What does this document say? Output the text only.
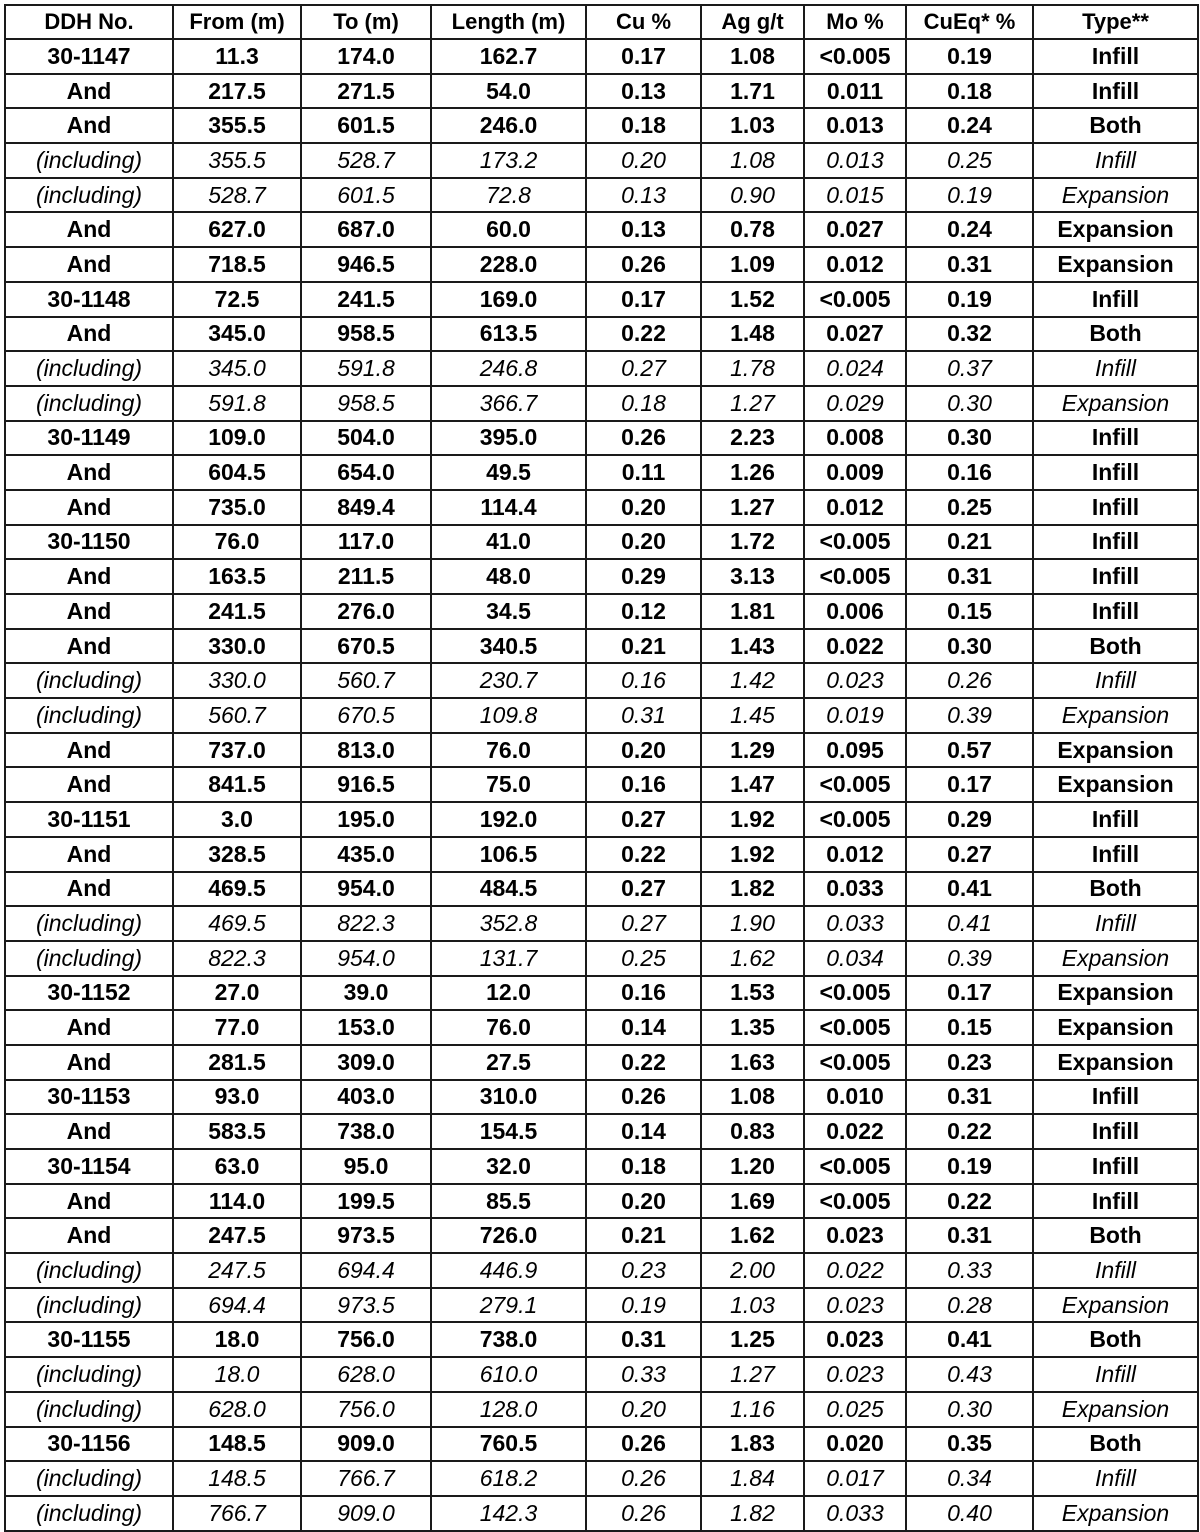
DDH No.	From (m)	To (m)	Length (m)	Cu %	Ag g/t	Mo %	CuEq* %	Type**
30-1147	11.3	174.0	162.7	0.17	1.08	<0.005	0.19	Infill
And	217.5	271.5	54.0	0.13	1.71	0.011	0.18	Infill
And	355.5	601.5	246.0	0.18	1.03	0.013	0.24	Both
(including)	355.5	528.7	173.2	0.20	1.08	0.013	0.25	Infill
(including)	528.7	601.5	72.8	0.13	0.90	0.015	0.19	Expansion
And	627.0	687.0	60.0	0.13	0.78	0.027	0.24	Expansion
And	718.5	946.5	228.0	0.26	1.09	0.012	0.31	Expansion
30-1148	72.5	241.5	169.0	0.17	1.52	<0.005	0.19	Infill
And	345.0	958.5	613.5	0.22	1.48	0.027	0.32	Both
(including)	345.0	591.8	246.8	0.27	1.78	0.024	0.37	Infill
(including)	591.8	958.5	366.7	0.18	1.27	0.029	0.30	Expansion
30-1149	109.0	504.0	395.0	0.26	2.23	0.008	0.30	Infill
And	604.5	654.0	49.5	0.11	1.26	0.009	0.16	Infill
And	735.0	849.4	114.4	0.20	1.27	0.012	0.25	Infill
30-1150	76.0	117.0	41.0	0.20	1.72	<0.005	0.21	Infill
And	163.5	211.5	48.0	0.29	3.13	<0.005	0.31	Infill
And	241.5	276.0	34.5	0.12	1.81	0.006	0.15	Infill
And	330.0	670.5	340.5	0.21	1.43	0.022	0.30	Both
(including)	330.0	560.7	230.7	0.16	1.42	0.023	0.26	Infill
(including)	560.7	670.5	109.8	0.31	1.45	0.019	0.39	Expansion
And	737.0	813.0	76.0	0.20	1.29	0.095	0.57	Expansion
And	841.5	916.5	75.0	0.16	1.47	<0.005	0.17	Expansion
30-1151	3.0	195.0	192.0	0.27	1.92	<0.005	0.29	Infill
And	328.5	435.0	106.5	0.22	1.92	0.012	0.27	Infill
And	469.5	954.0	484.5	0.27	1.82	0.033	0.41	Both
(including)	469.5	822.3	352.8	0.27	1.90	0.033	0.41	Infill
(including)	822.3	954.0	131.7	0.25	1.62	0.034	0.39	Expansion
30-1152	27.0	39.0	12.0	0.16	1.53	<0.005	0.17	Expansion
And	77.0	153.0	76.0	0.14	1.35	<0.005	0.15	Expansion
And	281.5	309.0	27.5	0.22	1.63	<0.005	0.23	Expansion
30-1153	93.0	403.0	310.0	0.26	1.08	0.010	0.31	Infill
And	583.5	738.0	154.5	0.14	0.83	0.022	0.22	Infill
30-1154	63.0	95.0	32.0	0.18	1.20	<0.005	0.19	Infill
And	114.0	199.5	85.5	0.20	1.69	<0.005	0.22	Infill
And	247.5	973.5	726.0	0.21	1.62	0.023	0.31	Both
(including)	247.5	694.4	446.9	0.23	2.00	0.022	0.33	Infill
(including)	694.4	973.5	279.1	0.19	1.03	0.023	0.28	Expansion
30-1155	18.0	756.0	738.0	0.31	1.25	0.023	0.41	Both
(including)	18.0	628.0	610.0	0.33	1.27	0.023	0.43	Infill
(including)	628.0	756.0	128.0	0.20	1.16	0.025	0.30	Expansion
30-1156	148.5	909.0	760.5	0.26	1.83	0.020	0.35	Both
(including)	148.5	766.7	618.2	0.26	1.84	0.017	0.34	Infill
(including)	766.7	909.0	142.3	0.26	1.82	0.033	0.40	Expansion
